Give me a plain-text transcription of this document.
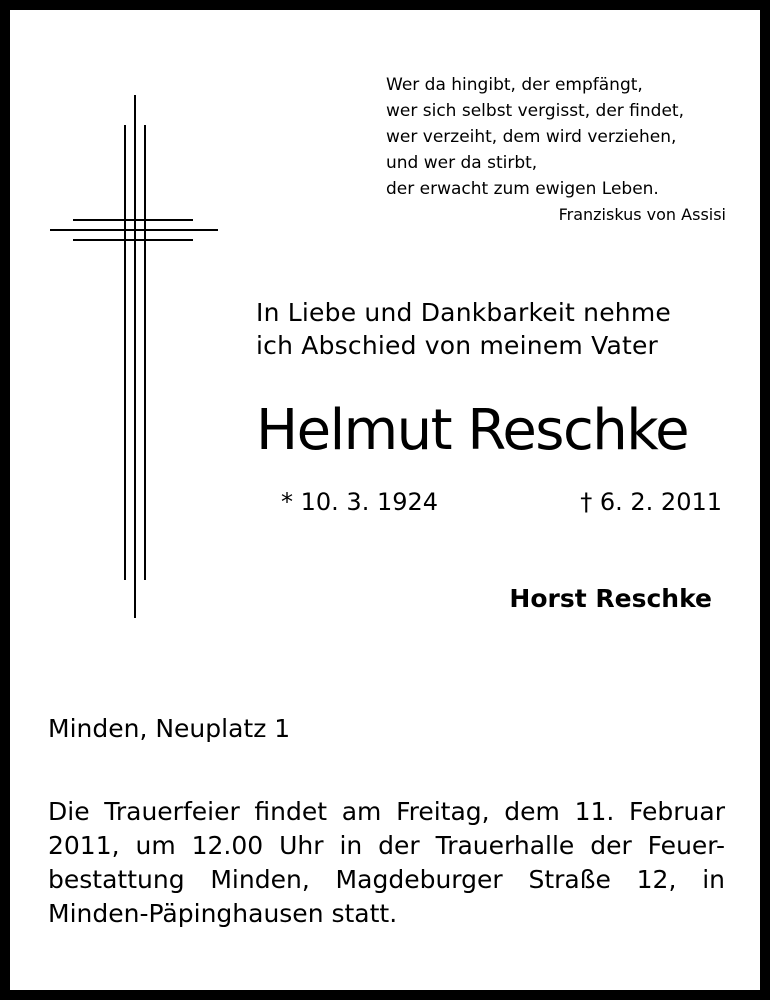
Wer da hingibt, der empfängt,
wer sich selbst vergisst, der findet,
wer verzeiht, dem wird verziehen,
und wer da stirbt,
der erwacht zum ewigen Leben.
Franziskus von Assisi
In Liebe und Dankbarkeit nehme
ich Abschied von meinem Vater
Helmut Reschke
* 10. 3. 1924	† 6. 2. 2011
Horst Reschke
Minden, Neuplatz 1
Die Trauerfeier findet am Freitag, dem 11. Februar
2011, um 12.00 Uhr in der Trauerhalle der Feuer-
bestattung Minden, Magdeburger Straße 12, in
Minden-Päpinghausen statt.
